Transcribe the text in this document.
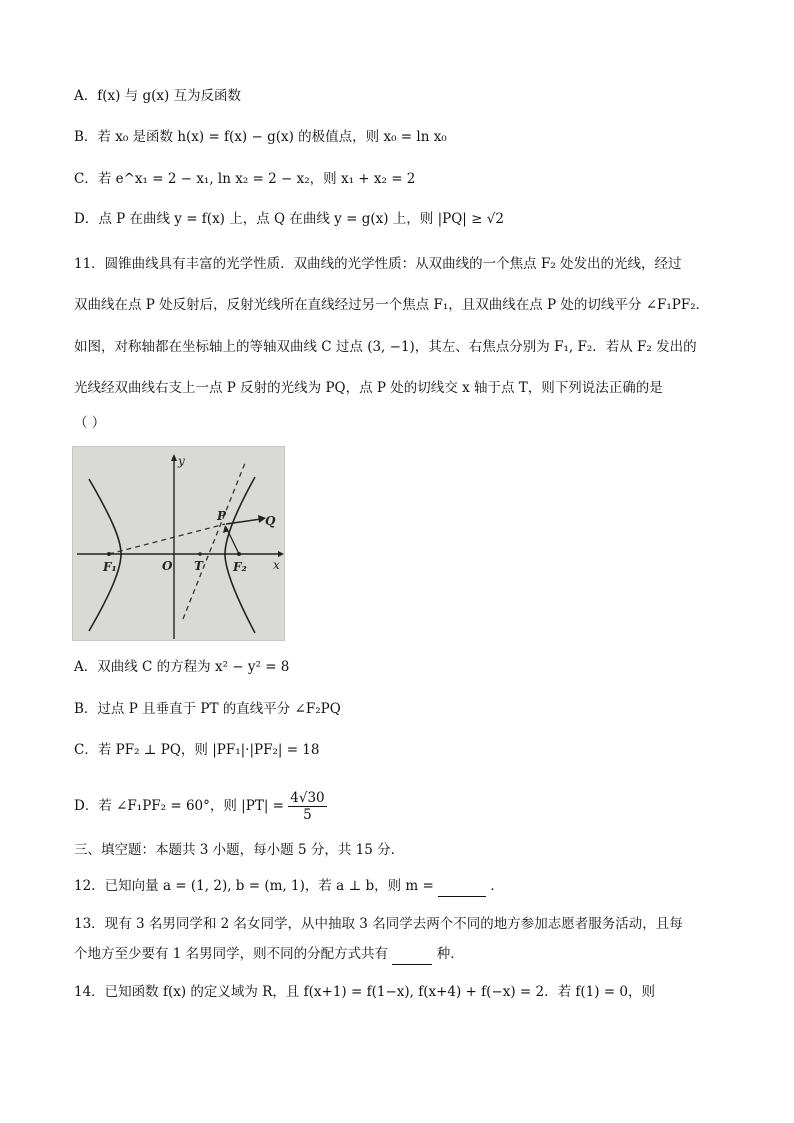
A．f(x) 与 g(x) 互为反函数
B．若 x₀ 是函数 h(x) = f(x) − g(x) 的极值点，则 x₀ = ln x₀
C．若 e^x₁ = 2 − x₁, ln x₂ = 2 − x₂，则 x₁ + x₂ = 2
D．点 P 在曲线 y = f(x) 上，点 Q 在曲线 y = g(x) 上，则 |PQ| ≥ √2
11．圆锥曲线具有丰富的光学性质．双曲线的光学性质：从双曲线的一个焦点 F₂ 处发出的光线，经过
双曲线在点 P 处反射后，反射光线所在直线经过另一个焦点 F₁，且双曲线在点 P 处的切线平分 ∠F₁PF₂．
如图，对称轴都在坐标轴上的等轴双曲线 C 过点 (3, −1)，其左、右焦点分别为 F₁, F₂．若从 F₂ 发出的
光线经双曲线右支上一点 P 反射的光线为 PQ，点 P 处的切线交 x 轴于点 T，则下列说法正确的是
（ ）
y
x
P	Q
F₁	O T	F₂
A．双曲线 C 的方程为 x² − y² = 8
B．过点 P 且垂直于 PT 的直线平分 ∠F₂PQ
C．若 PF₂ ⊥ PQ，则 |PF₁|·|PF₂| = 18
D．若 ∠F₁PF₂ = 60°，则 $|PT| = \frac{4√30}{5}$
三、填空题：本题共 3 小题，每小题 5 分，共 15 分．
12．已知向量 a = (1, 2), b = (m, 1)，若 a ⊥ b，则 m =	．
13．现有 3 名男同学和 2 名女同学，从中抽取 3 名同学去两个不同的地方参加志愿者服务活动，且每
个地方至少要有 1 名男同学，则不同的分配方式共有	种．
14．已知函数 f(x) 的定义域为 R，且 f(x+1) = f(1−x), f(x+4) + f(−x) = 2．若 f(1) = 0，则
